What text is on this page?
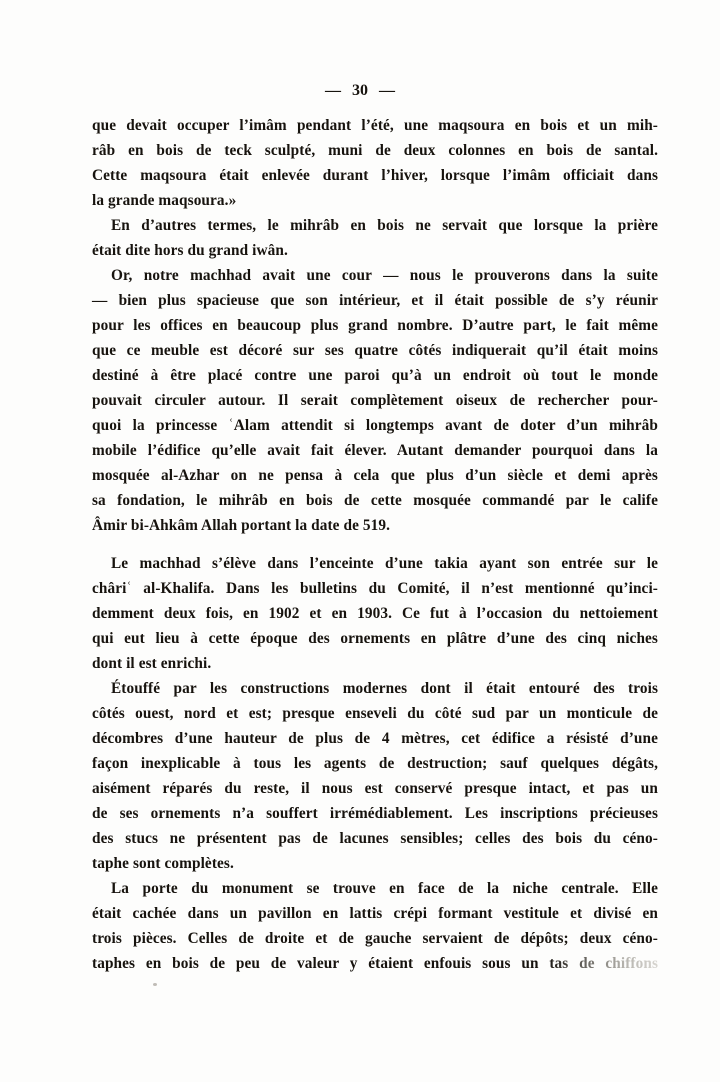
— 30 —
que devait occuper l’imâm pendant l’été, une maqsoura en bois et un mih-
râb en bois de teck sculpté, muni de deux colonnes en bois de santal.
Cette maqsoura était enlevée durant l’hiver, lorsque l’imâm officiait dans
la grande maqsoura.»
En d’autres termes, le mihrâb en bois ne servait que lorsque la prière
était dite hors du grand iwân.
Or, notre machhad avait une cour — nous le prouverons dans la suite
— bien plus spacieuse que son intérieur, et il était possible de s’y réunir
pour les offices en beaucoup plus grand nombre. D’autre part, le fait même
que ce meuble est décoré sur ses quatre côtés indiquerait qu’il était moins
destiné à être placé contre une paroi qu’à un endroit où tout le monde
pouvait circuler autour. Il serait complètement oiseux de rechercher pour-
quoi la princesse ʿAlam attendit si longtemps avant de doter d’un mihrâb
mobile l’édifice qu’elle avait fait élever. Autant demander pourquoi dans la
mosquée al-Azhar on ne pensa à cela que plus d’un siècle et demi après
sa fondation, le mihrâb en bois de cette mosquée commandé par le calife
Âmir bi-Ahkâm Allah portant la date de 519.
Le machhad s’élève dans l’enceinte d’une takia ayant son entrée sur le
châriʿ al-Khalifa. Dans les bulletins du Comité, il n’est mentionné qu’inci-
demment deux fois, en 1902 et en 1903. Ce fut à l’occasion du nettoiement
qui eut lieu à cette époque des ornements en plâtre d’une des cinq niches
dont il est enrichi.
Étouffé par les constructions modernes dont il était entouré des trois
côtés ouest, nord et est; presque enseveli du côté sud par un monticule de
décombres d’une hauteur de plus de 4 mètres, cet édifice a résisté d’une
façon inexplicable à tous les agents de destruction; sauf quelques dégâts,
aisément réparés du reste, il nous est conservé presque intact, et pas un
de ses ornements n’a souffert irrémédiablement. Les inscriptions précieuses
des stucs ne présentent pas de lacunes sensibles; celles des bois du céno-
taphe sont complètes.
La porte du monument se trouve en face de la niche centrale. Elle
était cachée dans un pavillon en lattis crépi formant vestitule et divisé en
trois pièces. Celles de droite et de gauche servaient de dépôts; deux céno-
taphes en bois de peu de valeur y étaient enfouis sous un tas de chiffons
